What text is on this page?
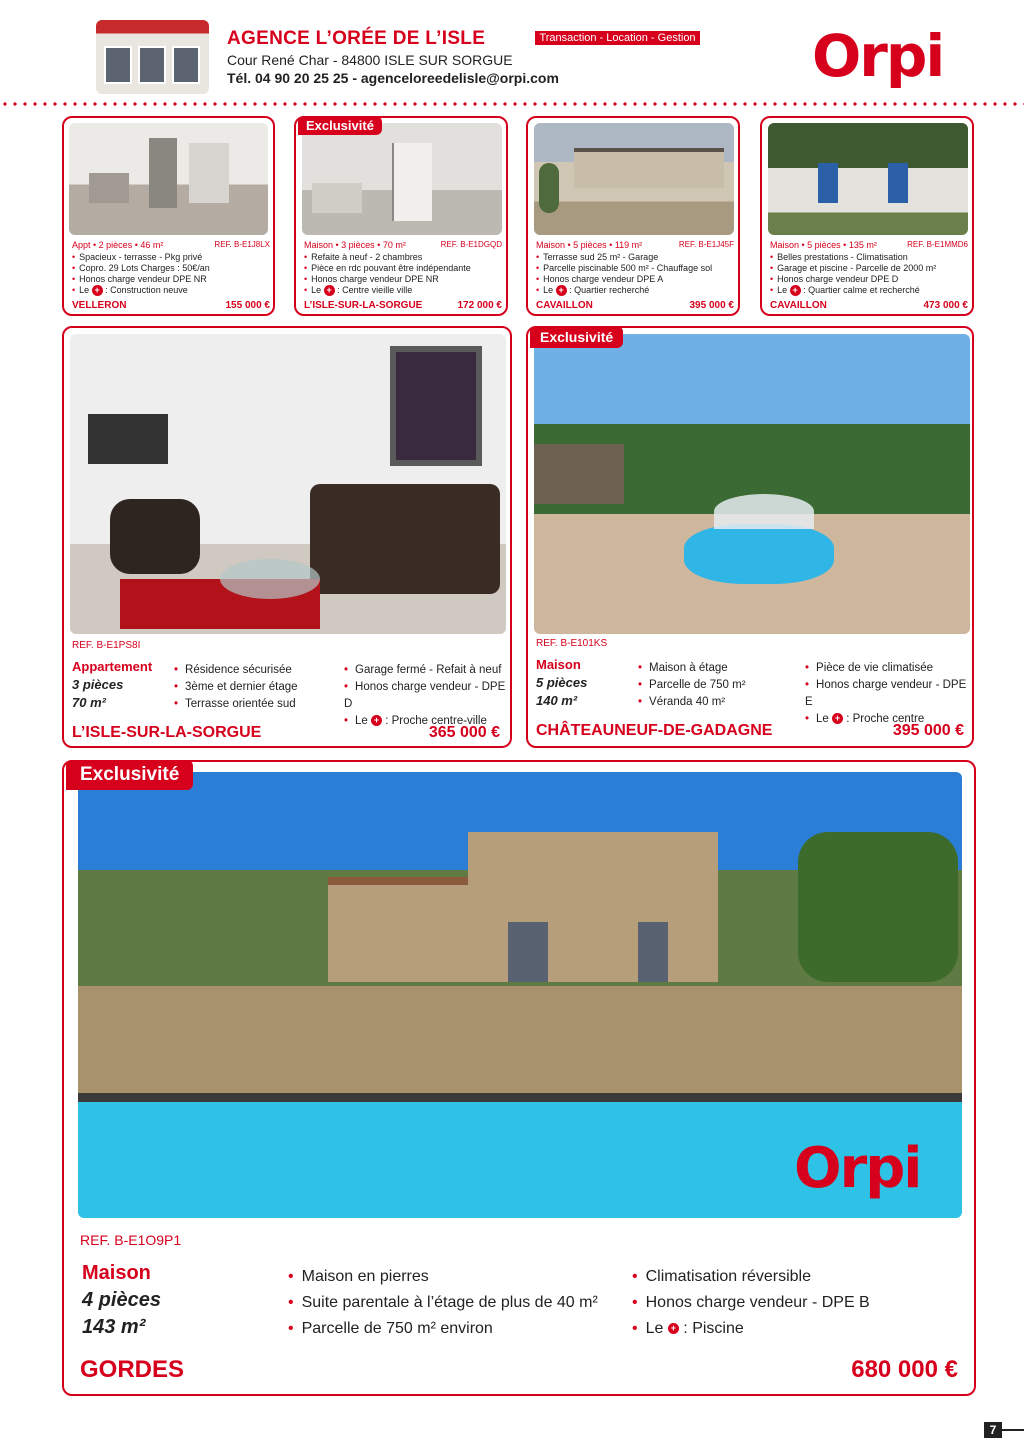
AGENCE L’ORÉE DE L’ISLE
Cour René Char - 84800 ISLE SUR SORGUE
Tél. 04 90 20 25 25 - agenceloreedelisle@orpi.com
Transaction - Location - Gestion Orpi
Appt • 2 pièces • 46 m²	REF. B-E1J8LX
• Spacieux - terrasse - Pkg privé
• Copro. 29 Lots Charges : 50€/an
• Honos charge vendeur DPE NR
• Le + : Construction neuve
VELLERON	155 000 €
Exclusivité
Maison • 3 pièces • 70 m²	REF. B-E1DGQD
• Refaite à neuf - 2 chambres
• Pièce en rdc pouvant être indépendante
• Honos charge vendeur DPE NR
• Le + : Centre vieille ville
L’ISLE-SUR-LA-SORGUE	172 000 €
Maison • 5 pièces • 119 m²	REF. B-E1J45F
• Terrasse sud 25 m² - Garage
• Parcelle piscinable 500 m² - Chauffage sol
• Honos charge vendeur DPE A
• Le + : Quartier recherché
CAVAILLON	395 000 €
Maison • 5 pièces • 135 m²	REF. B-E1MMD6
• Belles prestations - Climatisation
• Garage et piscine - Parcelle de 2000 m²
• Honos charge vendeur DPE D
• Le + : Quartier calme et recherché
CAVAILLON	473 000 €
REF. B-E1PS8I
Appartement
3 pièces
70 m²
• Résidence sécurisée
• 3ème et dernier étage
• Terrasse orientée sud
• Garage fermé - Refait à neuf
• Honos charge vendeur - DPE D
• Le + : Proche centre-ville
L’ISLE-SUR-LA-SORGUE	365 000 €
Exclusivité
REF. B-E101KS
Maison
5 pièces
140 m²
• Maison à étage
• Parcelle de 750 m²
• Véranda 40 m²
• Pièce de vie climatisée
• Honos charge vendeur - DPE E
• Le + : Proche centre
CHÂTEAUNEUF-DE-GADAGNE	395 000 €
Orpi
Exclusivité
REF. B-E1O9P1
Maison
4 pièces
143 m²
• Maison en pierres
• Suite parentale à l’étage de plus de 40 m²
• Parcelle de 750 m² environ
• Climatisation réversible
• Honos charge vendeur - DPE B
• Le + : Piscine
GORDES	680 000 €
7
